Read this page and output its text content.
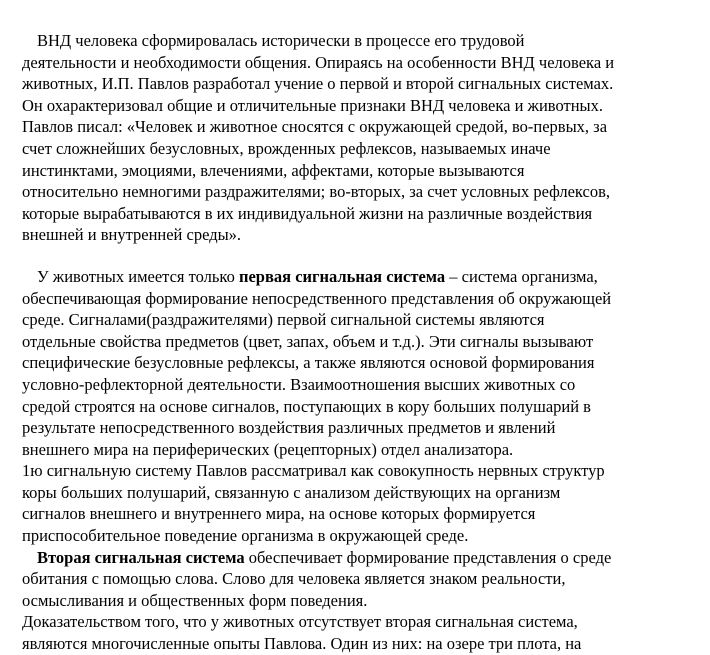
ВНД человека сформировалась исторически в процессе его трудовой
деятельности и необходимости общения. Опираясь на особенности ВНД человека и
животных, И.П. Павлов разработал учение о первой и второй сигнальных системах.
Он охарактеризовал общие и отличительные признаки ВНД человека и животных.
Павлов писал: «Человек и животное сносятся с окружающей средой, во-первых, за
счет сложнейших безусловных, врожденных рефлексов, называемых иначе
инстинктами, эмоциями, влечениями, аффектами, которые вызываются
относительно немногими раздражителями; во-вторых, за счет условных рефлексов,
которые вырабатываются в их индивидуальной жизни на различные воздействия
внешней и внутренней среды».
У животных имеется только первая сигнальная система – система организма,
обеспечивающая формирование непосредственного представления об окружающей
среде. Сигналами(раздражителями) первой сигнальной системы являются
отдельные свойства предметов (цвет, запах, объем и т.д.). Эти сигналы вызывают
специфические безусловные рефлексы, а также являются основой формирования
условно-рефлекторной деятельности. Взаимоотношения высших животных со
средой строятся на основе сигналов, поступающих в кору больших полушарий в
результате непосредственного воздействия различных предметов и явлений
внешнего мира на периферических (рецепторных) отдел анализатора.
1ю сигнальную систему Павлов рассматривал как совокупность нервных структур
коры больших полушарий, связанную с анализом действующих на организм
сигналов внешнего и внутреннего мира, на основе которых формируется
приспособительное поведение организма в окружающей среде.
Вторая сигнальная система обеспечивает формирование представления о среде
обитания с помощью слова. Слово для человека является знаком реальности,
осмысливания и общественных форм поведения.
Доказательством того, что у животных отсутствует вторая сигнальная система,
являются многочисленные опыты Павлова. Один из них: на озере три плота, на
